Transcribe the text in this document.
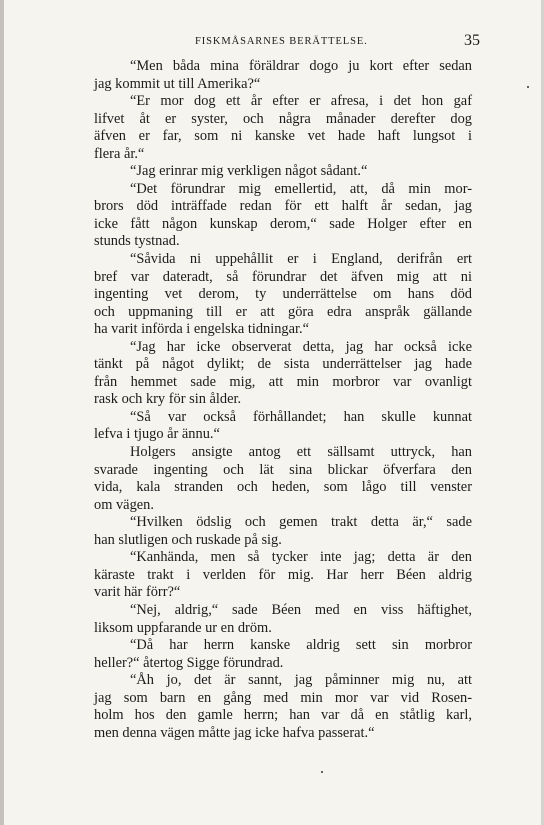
FISKMÅSARNES BERÄTTELSE.	35
“Men båda mina föräldrar dogo ju kort efter sedan
jag kommit ut till Amerika?“
“Er mor dog ett år efter er afresa, i det hon gaf
lifvet åt er syster, och några månader derefter dog
äfven er far, som ni kanske vet hade haft lungsot i
flera år.“
“Jag erinrar mig verkligen något sådant.“
“Det förundrar mig emellertid, att, då min mor-
brors död inträffade redan för ett halft år sedan, jag
icke fått någon kunskap derom,“ sade Holger efter en
stunds tystnad.
“Såvida ni uppehållit er i England, derifrån ert
bref var dateradt, så förundrar det äfven mig att ni
ingenting vet derom, ty underrättelse om hans död
och uppmaning till er att göra edra anspråk gällande
ha varit införda i engelska tidningar.“
“Jag har icke observerat detta, jag har också icke
tänkt på något dylikt; de sista underrättelser jag hade
från hemmet sade mig, att min morbror var ovanligt
rask och kry för sin ålder.
“Så var också förhållandet; han skulle kunnat
lefva i tjugo år ännu.“
Holgers ansigte antog ett sällsamt uttryck, han
svarade ingenting och lät sina blickar öfverfara den
vida, kala stranden och heden, som lågo till venster
om vägen.
“Hvilken ödslig och gemen trakt detta är,“ sade
han slutligen och ruskade på sig.
“Kanhända, men så tycker inte jag; detta är den
käraste trakt i verlden för mig. Har herr Béen aldrig
varit här förr?“
“Nej, aldrig,“ sade Béen med en viss häftighet,
liksom uppfarande ur en dröm.
“Då har herrn kanske aldrig sett sin morbror
heller?“ återtog Sigge förundrad.
“Åh jo, det är sannt, jag påminner mig nu, att
jag som barn en gång med min mor var vid Rosen-
holm hos den gamle herrn; han var då en ståtlig karl,
men denna vägen måtte jag icke hafva passerat.“
